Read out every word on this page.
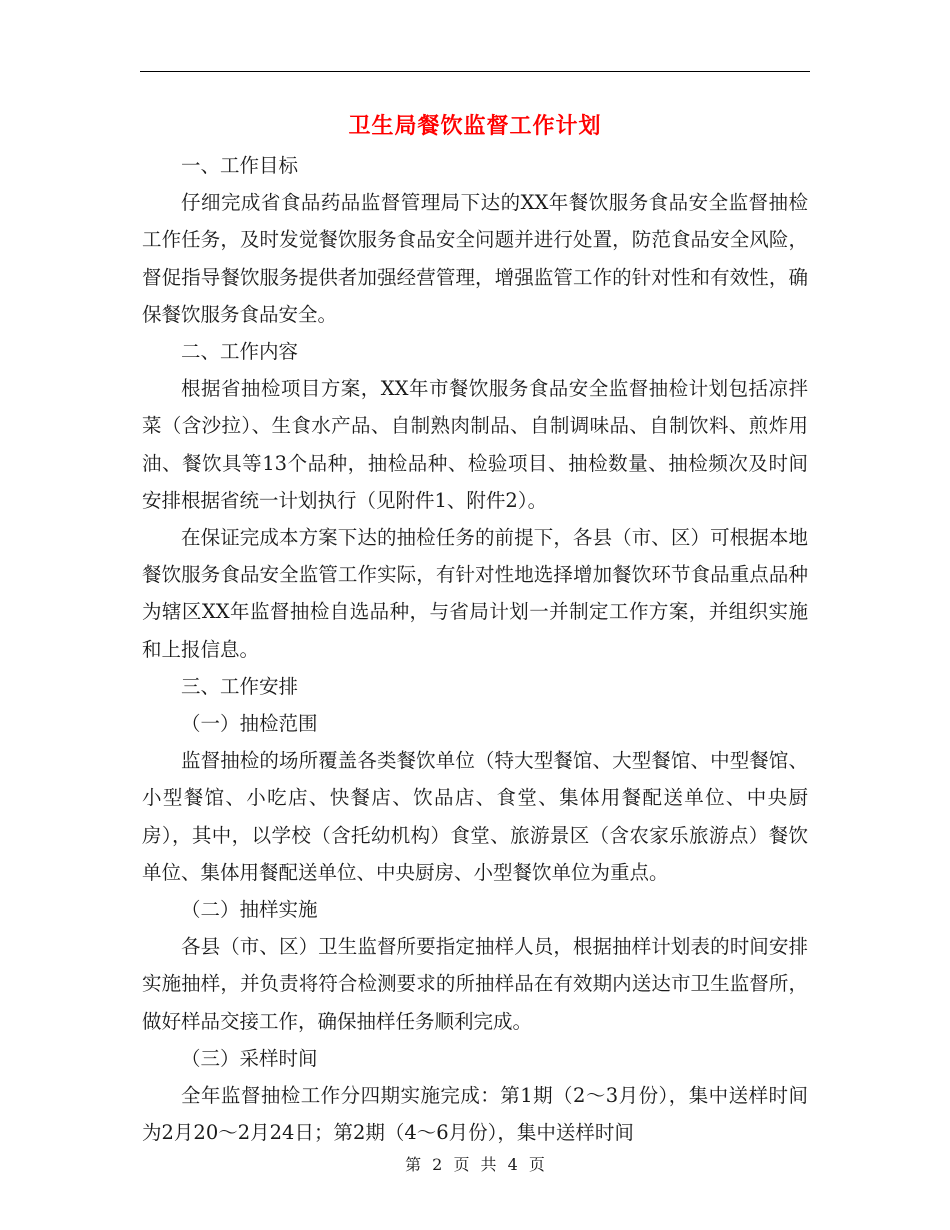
卫生局餐饮监督工作计划

一、工作目标

仔细完成省食品药品监督管理局下达的XX年餐饮服务食品安全监督抽检工作任务，及时发觉餐饮服务食品安全问题并进行处置，防范食品安全风险，督促指导餐饮服务提供者加强经营管理，增强监管工作的针对性和有效性，确保餐饮服务食品安全。

二、工作内容

根据省抽检项目方案，XX年市餐饮服务食品安全监督抽检计划包括凉拌菜（含沙拉）、生食水产品、自制熟肉制品、自制调味品、自制饮料、煎炸用油、餐饮具等13个品种，抽检品种、检验项目、抽检数量、抽检频次及时间安排根据省统一计划执行（见附件1、附件2）。

在保证完成本方案下达的抽检任务的前提下，各县（市、区）可根据本地餐饮服务食品安全监管工作实际，有针对性地选择增加餐饮环节食品重点品种为辖区XX年监督抽检自选品种，与省局计划一并制定工作方案，并组织实施和上报信息。

三、工作安排

（一）抽检范围

监督抽检的场所覆盖各类餐饮单位（特大型餐馆、大型餐馆、中型餐馆、小型餐馆、小吃店、快餐店、饮品店、食堂、集体用餐配送单位、中央厨房），其中，以学校（含托幼机构）食堂、旅游景区（含农家乐旅游点）餐饮单位、集体用餐配送单位、中央厨房、小型餐饮单位为重点。

（二）抽样实施

各县（市、区）卫生监督所要指定抽样人员，根据抽样计划表的时间安排实施抽样，并负责将符合检测要求的所抽样品在有效期内送达市卫生监督所，做好样品交接工作，确保抽样任务顺利完成。

（三）采样时间

全年监督抽检工作分四期实施完成：第1期（2～3月份），集中送样时间为2月20～2月24日；第2期（4～6月份），集中送样时间

第 2 页 共 4 页
